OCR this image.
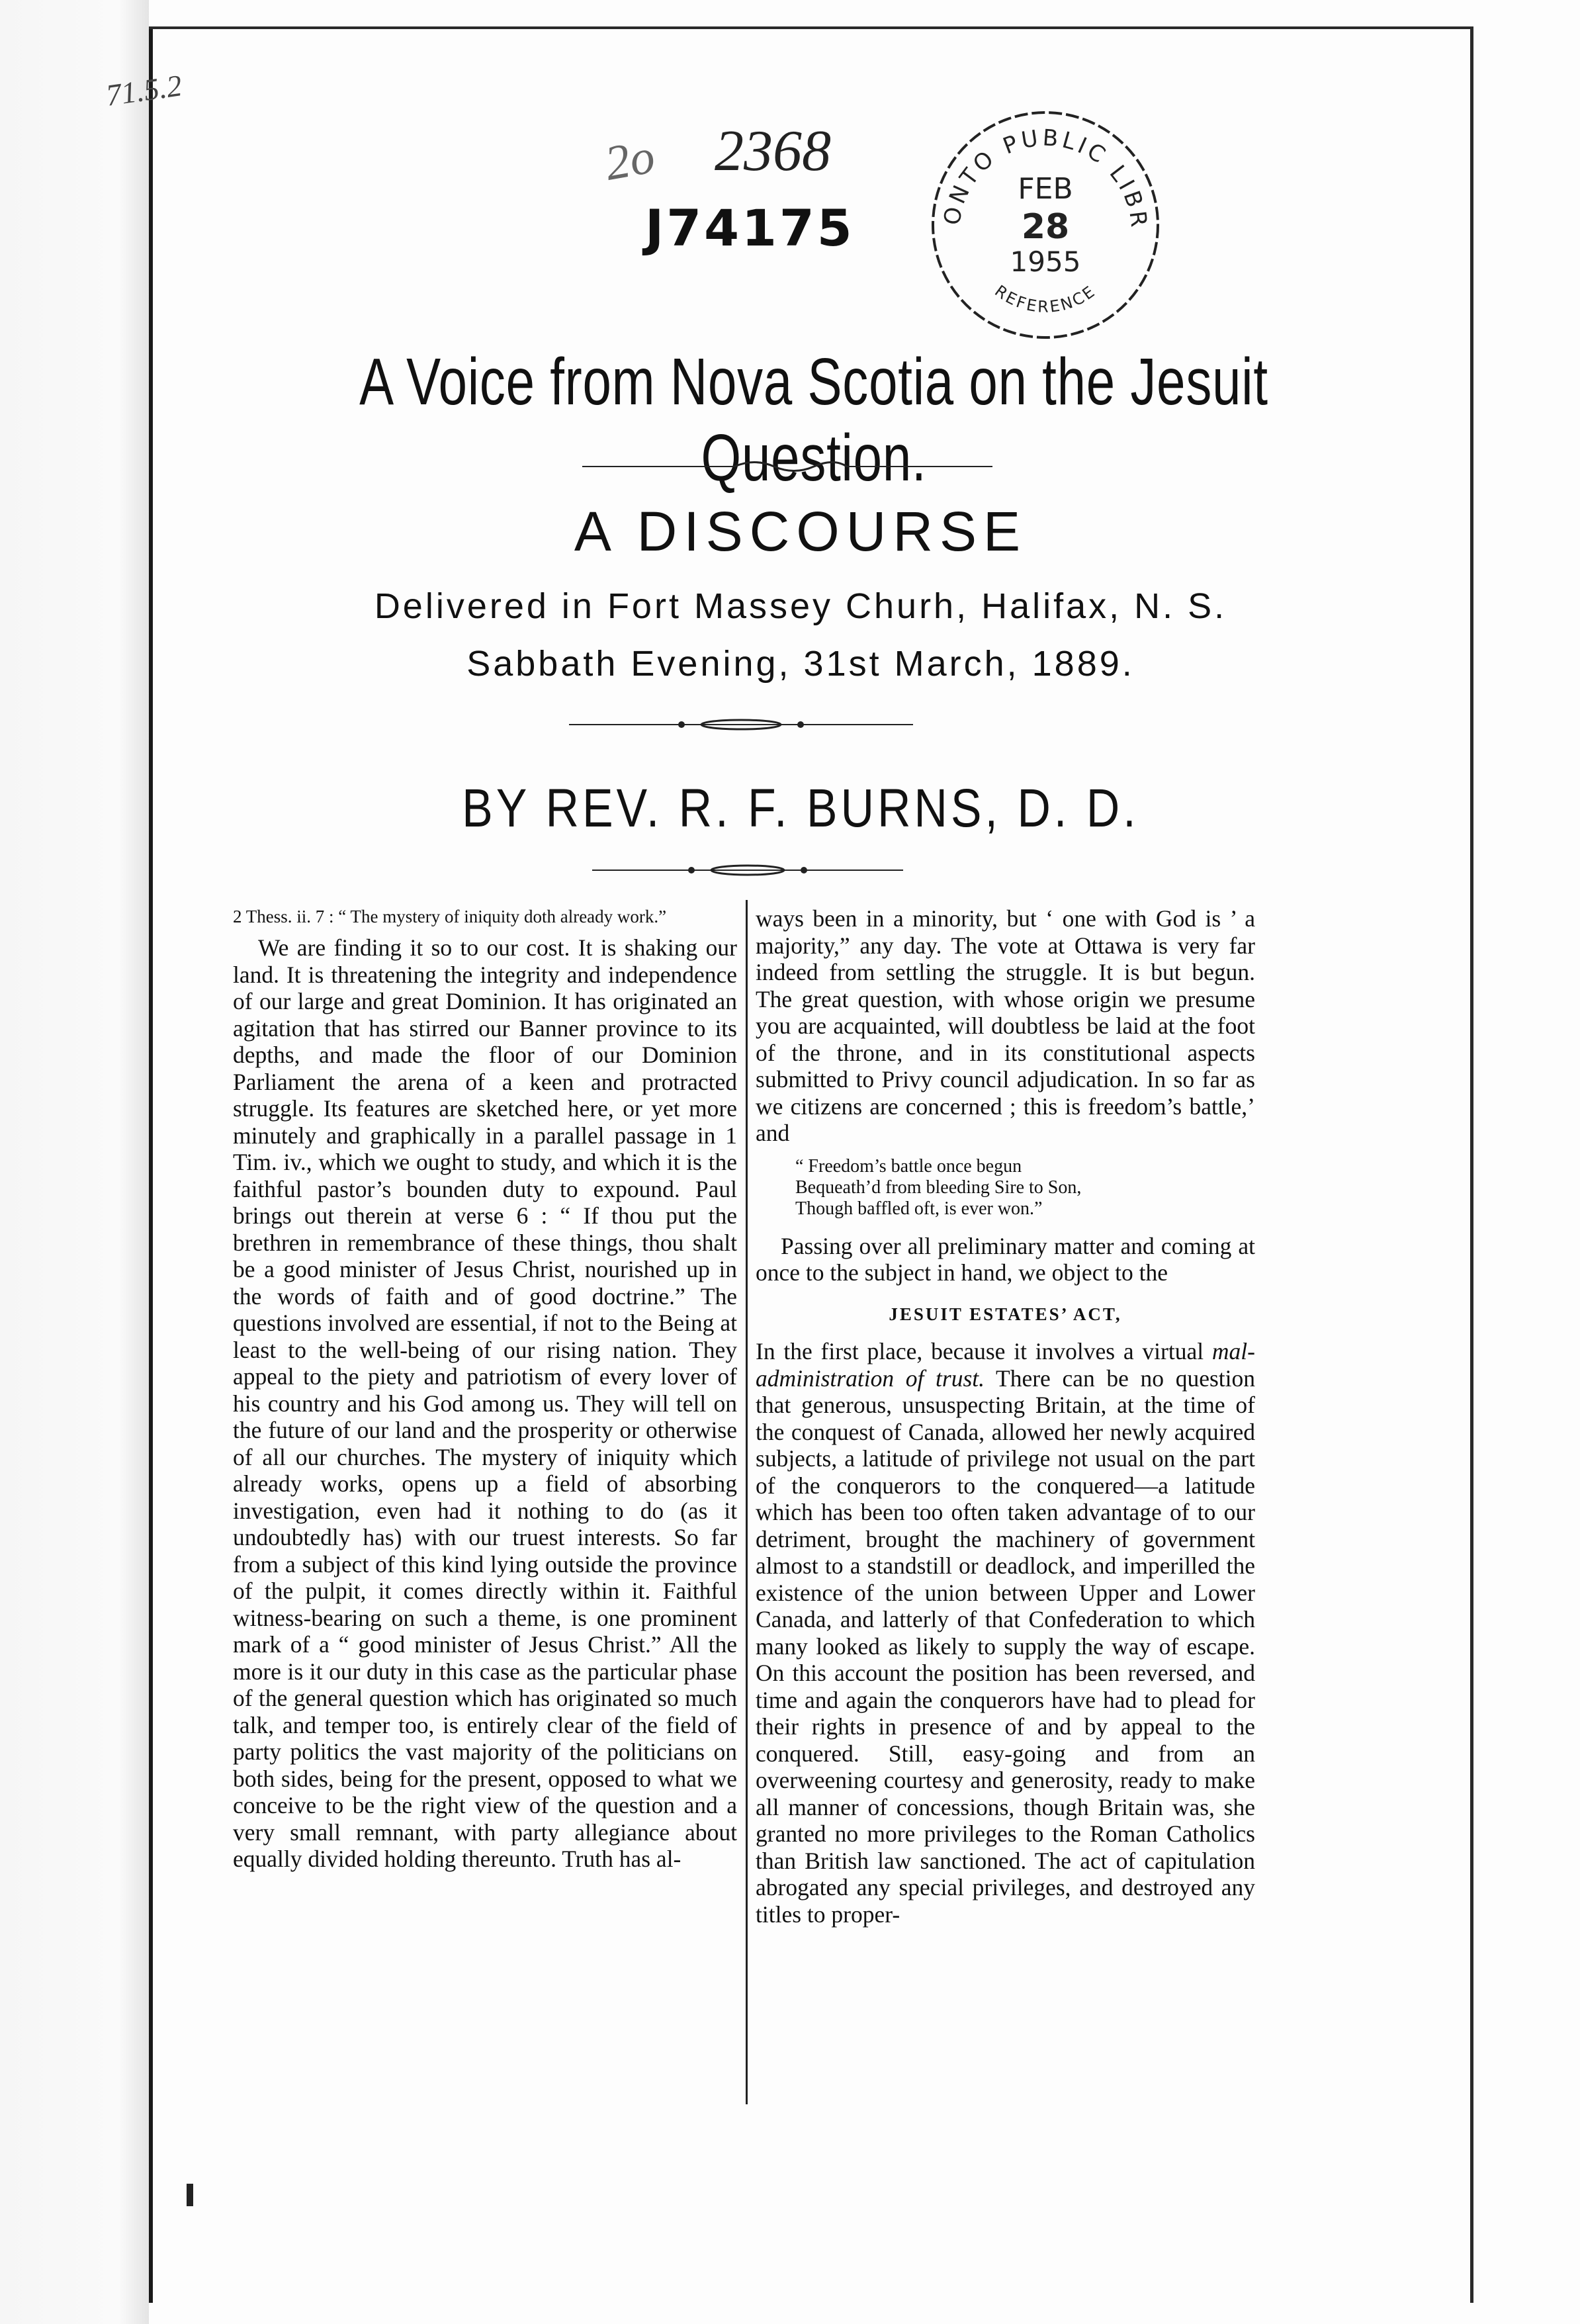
71.5.2
2o 2368
J74175	ONTO PUBLIC LIBR
REFERENCE
FEB
28
1955
A Voice from Nova Scotia on the Jesuit Question.
A DISCOURSE
Delivered in Fort Massey Churh, Halifax, N. S.
Sabbath Evening, 31st March, 1889.
BY REV. R. F. BURNS, D. D.

2 Thess. ii. 7 : “ The mystery of iniquity doth already work.”

We are finding it so to our cost. It is shaking our land. It is threatening the integrity and independence of our large and great Dominion. It has originated an agitation that has stirred our Banner province to its depths, and made the floor of our Dominion Parliament the arena of a keen and protracted struggle. Its features are sketched here, or yet more minutely and graphically in a parallel passage in 1 Tim. iv., which we ought to study, and which it is the faithful pastor’s bounden duty to expound. Paul brings out therein at verse 6 : “ If thou put the brethren in remembrance of these things, thou shalt be a good minister of Jesus Christ, nourished up in the words of faith and of good doctrine.” The questions involved are essential, if not to the Being at least to the well-being of our rising nation. They appeal to the piety and patriotism of every lover of his country and his God among us. They will tell on the future of our land and the prosperity or otherwise of all our churches. The mystery of iniquity which already works, opens up a field of absorbing investigation, even had it nothing to do (as it undoubtedly has) with our truest interests. So far from a subject of this kind lying outside the province of the pulpit, it comes directly within it. Faithful witness-bearing on such a theme, is one prominent mark of a “ good minister of Jesus Christ.” All the more is it our duty in this case as the particular phase of the general question which has originated so much talk, and temper too, is entirely clear of the field of party politics the vast majority of the politicians on both sides, being for the present, opposed to what we conceive to be the right view of the question and a very small remnant, with party allegiance about equally divided holding thereunto. Truth has al-

ways been in a minority, but ‘ one with God is ’ a majority,” any day. The vote at Ottawa is very far indeed from settling the struggle. It is but begun. The great question, with whose origin we presume you are acquainted, will doubtless be laid at the foot of the throne, and in its constitutional aspects submitted to Privy council adjudication. In so far as we citizens are concerned ; this is freedom’s battle,’ and

“ Freedom’s battle once begun
Bequeath’d from bleeding Sire to Son,
Though baffled oft, is ever won.”

Passing over all preliminary matter and coming at once to the subject in hand, we object to the

JESUIT ESTATES’ ACT,

In the first place, because it involves a virtual mal-administration of trust. There can be no question that generous, unsuspecting Britain, at the time of the conquest of Canada, allowed her newly acquired subjects, a latitude of privilege not usual on the part of the conquerors to the conquered—a latitude which has been too often taken advantage of to our detriment, brought the machinery of government almost to a standstill or deadlock, and imperilled the existence of the union between Upper and Lower Canada, and latterly of that Confederation to which many looked as likely to supply the way of escape. On this account the position has been reversed, and time and again the conquerors have had to plead for their rights in presence of and by appeal to the conquered. Still, easy-going and from an overweening courtesy and generosity, ready to make all manner of concessions, though Britain was, she granted no more privileges to the Roman Catholics than British law sanctioned. The act of capitulation abrogated any special privileges, and destroyed any titles to proper-
